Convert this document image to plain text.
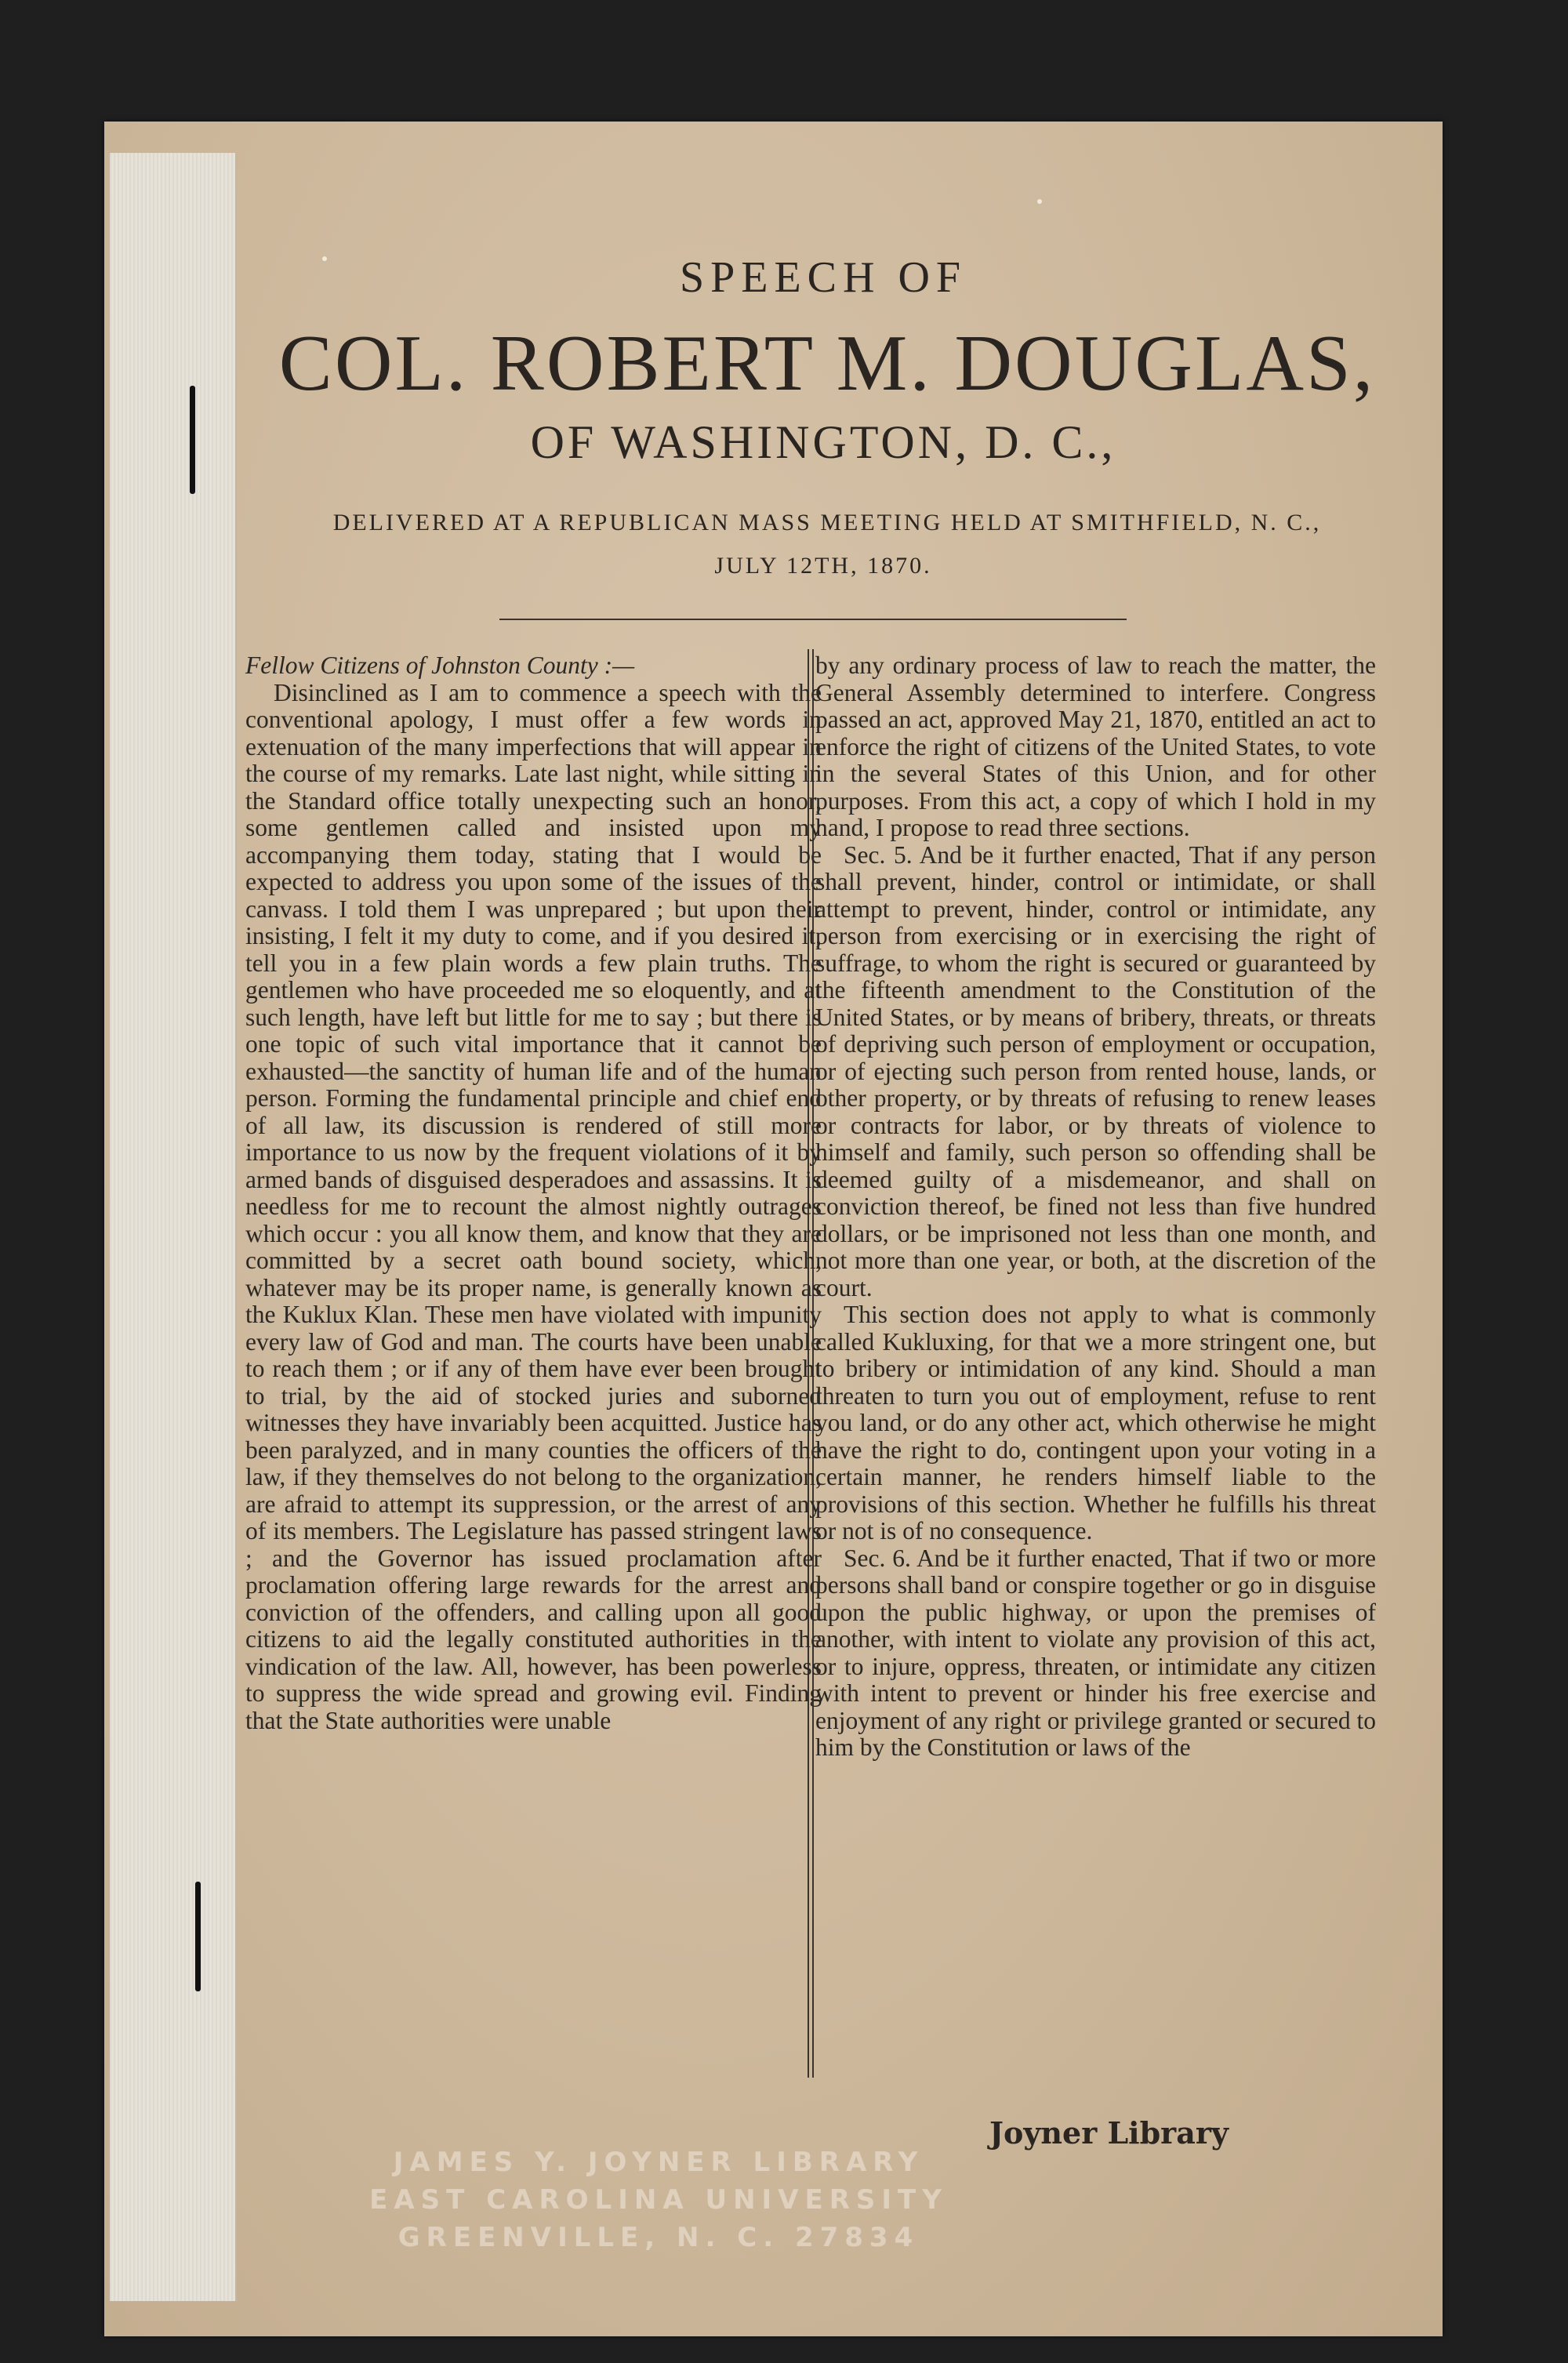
SPEECH OF
COL. ROBERT M. DOUGLAS,
OF WASHINGTON, D. C.,
DELIVERED AT A REPUBLICAN MASS MEETING HELD AT SMITHFIELD, N. C.,
JULY 12TH, 1870.

Fellow Citizens of Johnston County :—

Disinclined as I am to commence a speech with the conventional apology, I must offer a few words in extenuation of the many imperfections that will appear in the course of my remarks. Late last night, while sitting in the Standard office totally unexpecting such an honor, some gentlemen called and insisted upon my accompanying them today, stating that I would be expected to address you upon some of the issues of the canvass. I told them I was unprepared ; but upon their insisting, I felt it my duty to come, and if you desired it, tell you in a few plain words a few plain truths. The gentlemen who have proceeded me so eloquently, and at such length, have left but little for me to say ; but there is one topic of such vital importance that it cannot be exhausted—the sanctity of human life and of the human person. Forming the fundamental principle and chief end of all law, its discussion is rendered of still more importance to us now by the frequent violations of it by armed bands of disguised desperadoes and assassins. It is needless for me to recount the almost nightly outrages which occur : you all know them, and know that they are committed by a secret oath bound society, which, whatever may be its proper name, is generally known as the Kuklux Klan. These men have violated with impunity every law of God and man. The courts have been unable to reach them ; or if any of them have ever been brought to trial, by the aid of stocked juries and suborned witnesses they have invariably been acquitted. Justice has been paralyzed, and in many counties the officers of the law, if they themselves do not belong to the organization, are afraid to attempt its suppression, or the arrest of any of its members. The Legislature has passed stringent laws ; and the Governor has issued proclamation after proclamation offering large rewards for the arrest and conviction of the offenders, and calling upon all good citizens to aid the legally constituted authorities in the vindication of the law. All, however, has been powerless to suppress the wide spread and growing evil. Finding that the State authorities were unable

by any ordinary process of law to reach the matter, the General Assembly determined to interfere. Congress passed an act, approved May 21, 1870, entitled an act to enforce the right of citizens of the United States, to vote in the several States of this Union, and for other purposes. From this act, a copy of which I hold in my hand, I propose to read three sections.

Sec. 5. And be it further enacted, That if any person shall prevent, hinder, control or intimidate, or shall attempt to prevent, hinder, control or intimidate, any person from exercising or in exercising the right of suffrage, to whom the right is secured or guaranteed by the fifteenth amendment to the Constitution of the United States, or by means of bribery, threats, or threats of depriving such person of employment or occupation, or of ejecting such person from rented house, lands, or other property, or by threats of refusing to renew leases or contracts for labor, or by threats of violence to himself and family, such person so offending shall be deemed guilty of a misdemeanor, and shall on conviction thereof, be fined not less than five hundred dollars, or be imprisoned not less than one month, and not more than one year, or both, at the discretion of the court.

This section does not apply to what is commonly called Kukluxing, for that we a more stringent one, but to bribery or intimidation of any kind. Should a man threaten to turn you out of employment, refuse to rent you land, or do any other act, which otherwise he might have the right to do, contingent upon your voting in a certain manner, he renders himself liable to the provisions of this section. Whether he fulfills his threat or not is of no consequence.

Sec. 6. And be it further enacted, That if two or more persons shall band or conspire together or go in disguise upon the public highway, or upon the premises of another, with intent to violate any provision of this act, or to injure, oppress, threaten, or intimidate any citizen with intent to prevent or hinder his free exercise and enjoyment of any right or privilege granted or secured to him by the Constitution or laws of the

JAMES Y. JOYNER LIBRARY
EAST CAROLINA UNIVERSITY
GREENVILLE, N. C. 27834
Joyner Library
